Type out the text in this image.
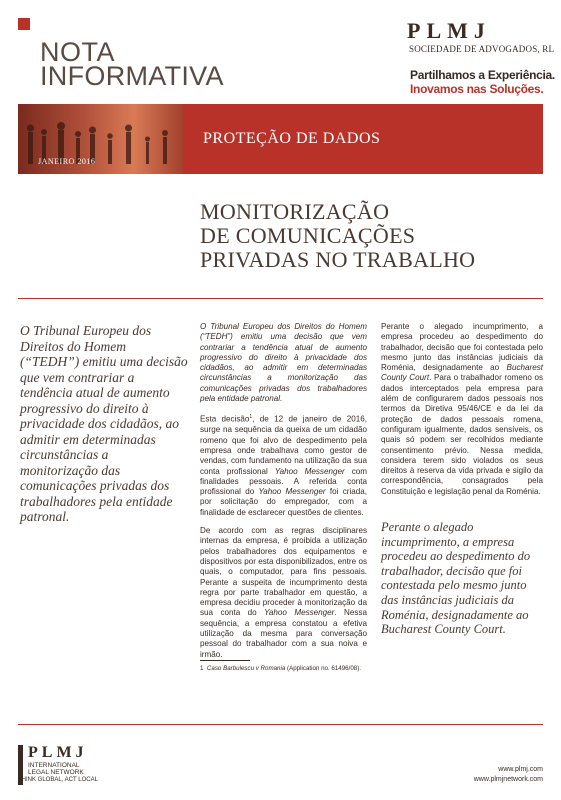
NOTA
INFORMATIVA
PLMJ
SOCIEDADE DE ADVOGADOS, RL
Partilhamos a Experiência.
Inovamos nas Soluções.
PROTEÇÃO DE DADOS
JANEIRO 2016
MONITORIZAÇÃO
DE COMUNICAÇÕES
PRIVADAS NO TRABALHO
O Tribunal Europeu dos Direitos do Homem (“TEDH”) emitiu uma decisão que vem contrariar a tendência atual de aumento progressivo do direito à privacidade dos cidadãos, ao admitir em determinadas circunstâncias a monitorização das comunicações privadas dos trabalhadores pela entidade patronal.

O Tribunal Europeu dos Direitos do Homem (“TEDH”) emitiu uma decisão que vem contrariar a tendência atual de aumento progressivo do direito à privacidade dos cidadãos, ao admitir em determinadas circunstâncias a monitorização das comunicações privadas dos trabalhadores pela entidade patronal.

Esta decisão$^1$, de 12 de janeiro de 2016, surge na sequência da queixa de um cidadão romeno que foi alvo de despedimento pela empresa onde trabalhava como gestor de vendas, com fundamento na utilização da sua conta profissional Yahoo Messenger com finalidades pessoais. A referida conta profissional do Yahoo Messenger foi criada, por solicitação do empregador, com a finalidade de esclarecer questões de clientes.

De acordo com as regras disciplinares internas da empresa, é proibida a utilização pelos trabalhadores dos equipamentos e dispositivos por esta disponibilizados, entre os quais, o computador, para fins pessoais. Perante a suspeita de incumprimento desta regra por parte trabalhador em questão, a empresa decidiu proceder à monitorização da sua conta do Yahoo Messenger. Nessa sequência, a empresa constatou a efetiva utilização da mesma para conversação pessoal do trabalhador com a sua noiva e irmão.

Perante o alegado incumprimento, a empresa procedeu ao despedimento do trabalhador, decisão que foi contestada pelo mesmo junto das instâncias judiciais da Roménia, designadamente ao Bucharest County Court. Para o trabalhador romeno os dados interceptados pela empresa para além de configurarem dados pessoais nos termos da Diretiva 95/46/CE e da lei da proteção de dados pessoais romena, configuram igualmente, dados sensíveis, os quais só podem ser recolhidos mediante consentimento prévio. Nessa medida, considera terem sido violados os seus direitos à reserva da vida privada e sigilo da correspondência, consagrados pela Constituição e legislação penal da Roménia.

Perante o alegado incumprimento, a empresa procedeu ao despedimento do trabalhador, decisão que foi contestada pelo mesmo junto das instâncias judiciais da Roménia, designadamente ao Bucharest County Court.
1 Caso Barbulescu v Romania (Application no. 61496/08).
PLMJ
INTERNATIONAL
LEGAL NETWORK
THINK GLOBAL, ACT LOCAL
www.plmj.com
www.plmjnetwork.com
